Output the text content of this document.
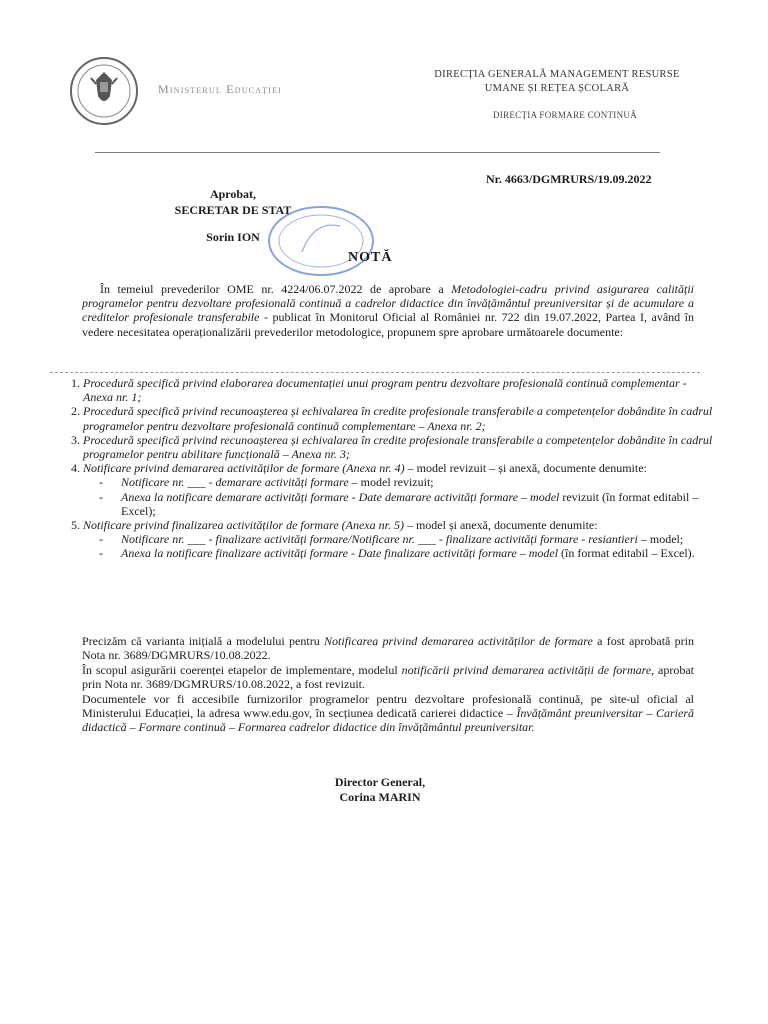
Ministerul Educației
DIRECȚIA GENERALĂ MANAGEMENT RESURSE UMANE ȘI REȚEA ȘCOLARĂ
DIRECȚIA FORMARE CONTINUĂ
Nr. 4663/DGMRURS/19.09.2022
Aprobat,
SECRETAR DE STAT
Sorin ION
NOTĂ
În temeiul prevederilor OME nr. 4224/06.07.2022 de aprobare a Metodologiei-cadru privind asigurarea calității programelor pentru dezvoltare profesională continuă a cadrelor didactice din învățământul preuniversitar și de acumulare a creditelor profesionale transferabile - publicat în Monitorul Oficial al României nr. 722 din 19.07.2022, Partea I, având în vedere necesitatea operaționalizării prevederilor metodologice, propunem spre aprobare următoarele documente:
1. Procedură specifică privind elaborarea documentației unui program pentru dezvoltare profesională continuă complementar - Anexa nr. 1;
2. Procedură specifică privind recunoașterea și echivalarea în credite profesionale transferabile a competențelor dobândite în cadrul programelor pentru dezvoltare profesională continuă complementare – Anexa nr. 2;
3. Procedură specifică privind recunoașterea și echivalarea în credite profesionale transferabile a competențelor dobândite în cadrul programelor pentru abilitare funcțională – Anexa nr. 3;
4. Notificare privind demararea activităților de formare (Anexa nr. 4) – model revizuit – și anexă, documente denumite:
- Notificare nr. ___ - demarare activități formare – model revizuit;
- Anexa la notificare demarare activități formare - Date demarare activități formare – model revizuit (în format editabil – Excel);
5. Notificare privind finalizarea activităților de formare (Anexa nr. 5) – model și anexă, documente denumite:
- Notificare nr. ___ - finalizare activități formare/Notificare nr. ___ - finalizare activități formare - resiantieri – model;
- Anexa la notificare finalizare activități formare - Date finalizare activități formare – model (în format editabil – Excel).
Precizăm că varianta inițială a modelului pentru Notificarea privind demararea activităților de formare a fost aprobată prin Nota nr. 3689/DGMRURS/10.08.2022.
În scopul asigurării coerenței etapelor de implementare, modelul notificării privind demararea activității de formare, aprobat prin Nota nr. 3689/DGMRURS/10.08.2022, a fost revizuit.
Documentele vor fi accesibile furnizorilor programelor pentru dezvoltare profesională continuă, pe site-ul oficial al Ministerului Educației, la adresa www.edu.gov, în secțiunea dedicată carierei didactice – Învățământ preuniversitar – Carieră didactică – Formare continuă – Formarea cadrelor didactice din învățământul preuniversitar.
Director General,
Corina MARIN
